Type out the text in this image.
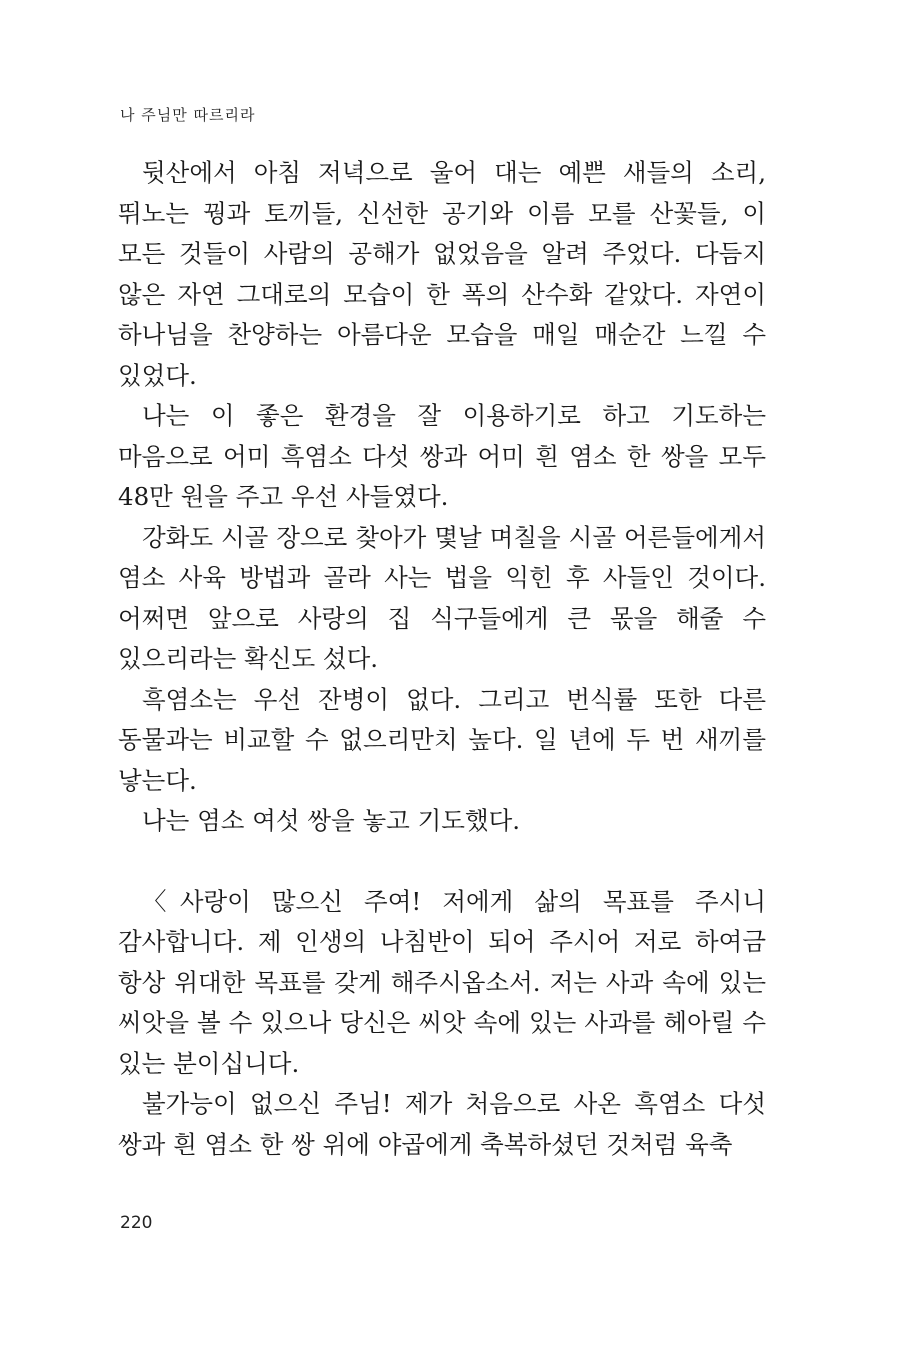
나 주님만 따르리라

뒷산에서 아침 저녁으로 울어 대는 예쁜 새들의 소리, 뛰노는 꿩과 토끼들, 신선한 공기와 이름 모를 산꽃들, 이 모든 것들이 사람의 공해가 없었음을 알려 주었다. 다듬지 않은 자연 그대로의 모습이 한 폭의 산수화 같았다. 자연이 하나님을 찬양하는 아름다운 모습을 매일 매순간 느낄 수 있었다.

나는 이 좋은 환경을 잘 이용하기로 하고 기도하는 마음으로 어미 흑염소 다섯 쌍과 어미 흰 염소 한 쌍을 모두 48만 원을 주고 우선 사들였다.

강화도 시골 장으로 찾아가 몇날 며칠을 시골 어른들에게서 염소 사육 방법과 골라 사는 법을 익힌 후 사들인 것이다. 어쩌면 앞으로 사랑의 집 식구들에게 큰 몫을 해줄 수 있으리라는 확신도 섰다.

흑염소는 우선 잔병이 없다. 그리고 번식률 또한 다른 동물과는 비교할 수 없으리만치 높다. 일 년에 두 번 새끼를 낳는다.

나는 염소 여섯 쌍을 놓고 기도했다.

〈사랑이 많으신 주여! 저에게 삶의 목표를 주시니 감사합니다. 제 인생의 나침반이 되어 주시어 저로 하여금 항상 위대한 목표를 갖게 해주시옵소서. 저는 사과 속에 있는 씨앗을 볼 수 있으나 당신은 씨앗 속에 있는 사과를 헤아릴 수 있는 분이십니다.

불가능이 없으신 주님! 제가 처음으로 사온 흑염소 다섯 쌍과 흰 염소 한 쌍 위에 야곱에게 축복하셨던 것처럼 육축

220
